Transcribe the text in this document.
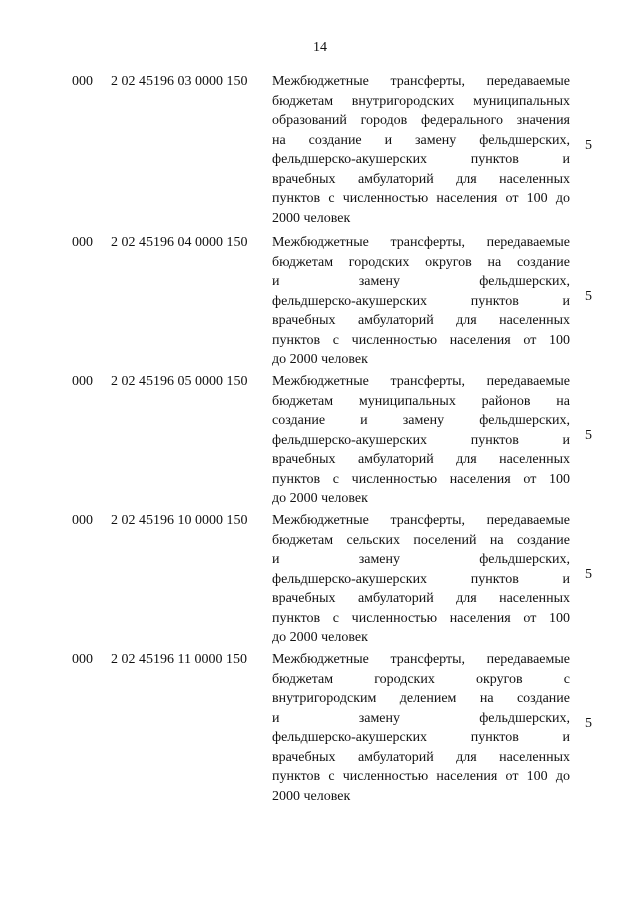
14
000 2 02 45196 03 0000 150 Межбюджетные трансферты, передаваемые
бюджетам внутригородских муниципальных
образований городов федерального значения
на создание и замену фельдшерских,
фельдшерско-акушерских пунктов и
врачебных амбулаторий для населенных
пунктов с численностью населения от 100 до
2000 человек
5
000 2 02 45196 04 0000 150 Межбюджетные трансферты, передаваемые
бюджетам городских округов на создание
и замену фельдшерских,
фельдшерско-акушерских пунктов и
врачебных амбулаторий для населенных
пунктов с численностью населения от 100
до 2000 человек
5
000 2 02 45196 05 0000 150 Межбюджетные трансферты, передаваемые
бюджетам муниципальных районов на
создание и замену фельдшерских,
фельдшерско-акушерских пунктов и
врачебных амбулаторий для населенных
пунктов с численностью населения от 100
до 2000 человек
5
000 2 02 45196 10 0000 150 Межбюджетные трансферты, передаваемые
бюджетам сельских поселений на создание
и замену фельдшерских,
фельдшерско-акушерских пунктов и
врачебных амбулаторий для населенных
пунктов с численностью населения от 100
до 2000 человек
5
000 2 02 45196 11 0000 150 Межбюджетные трансферты, передаваемые
бюджетам городских округов с
внутригородским делением на создание
и замену фельдшерских,
фельдшерско-акушерских пунктов и
врачебных амбулаторий для населенных
пунктов с численностью населения от 100 до
2000 человек
5
